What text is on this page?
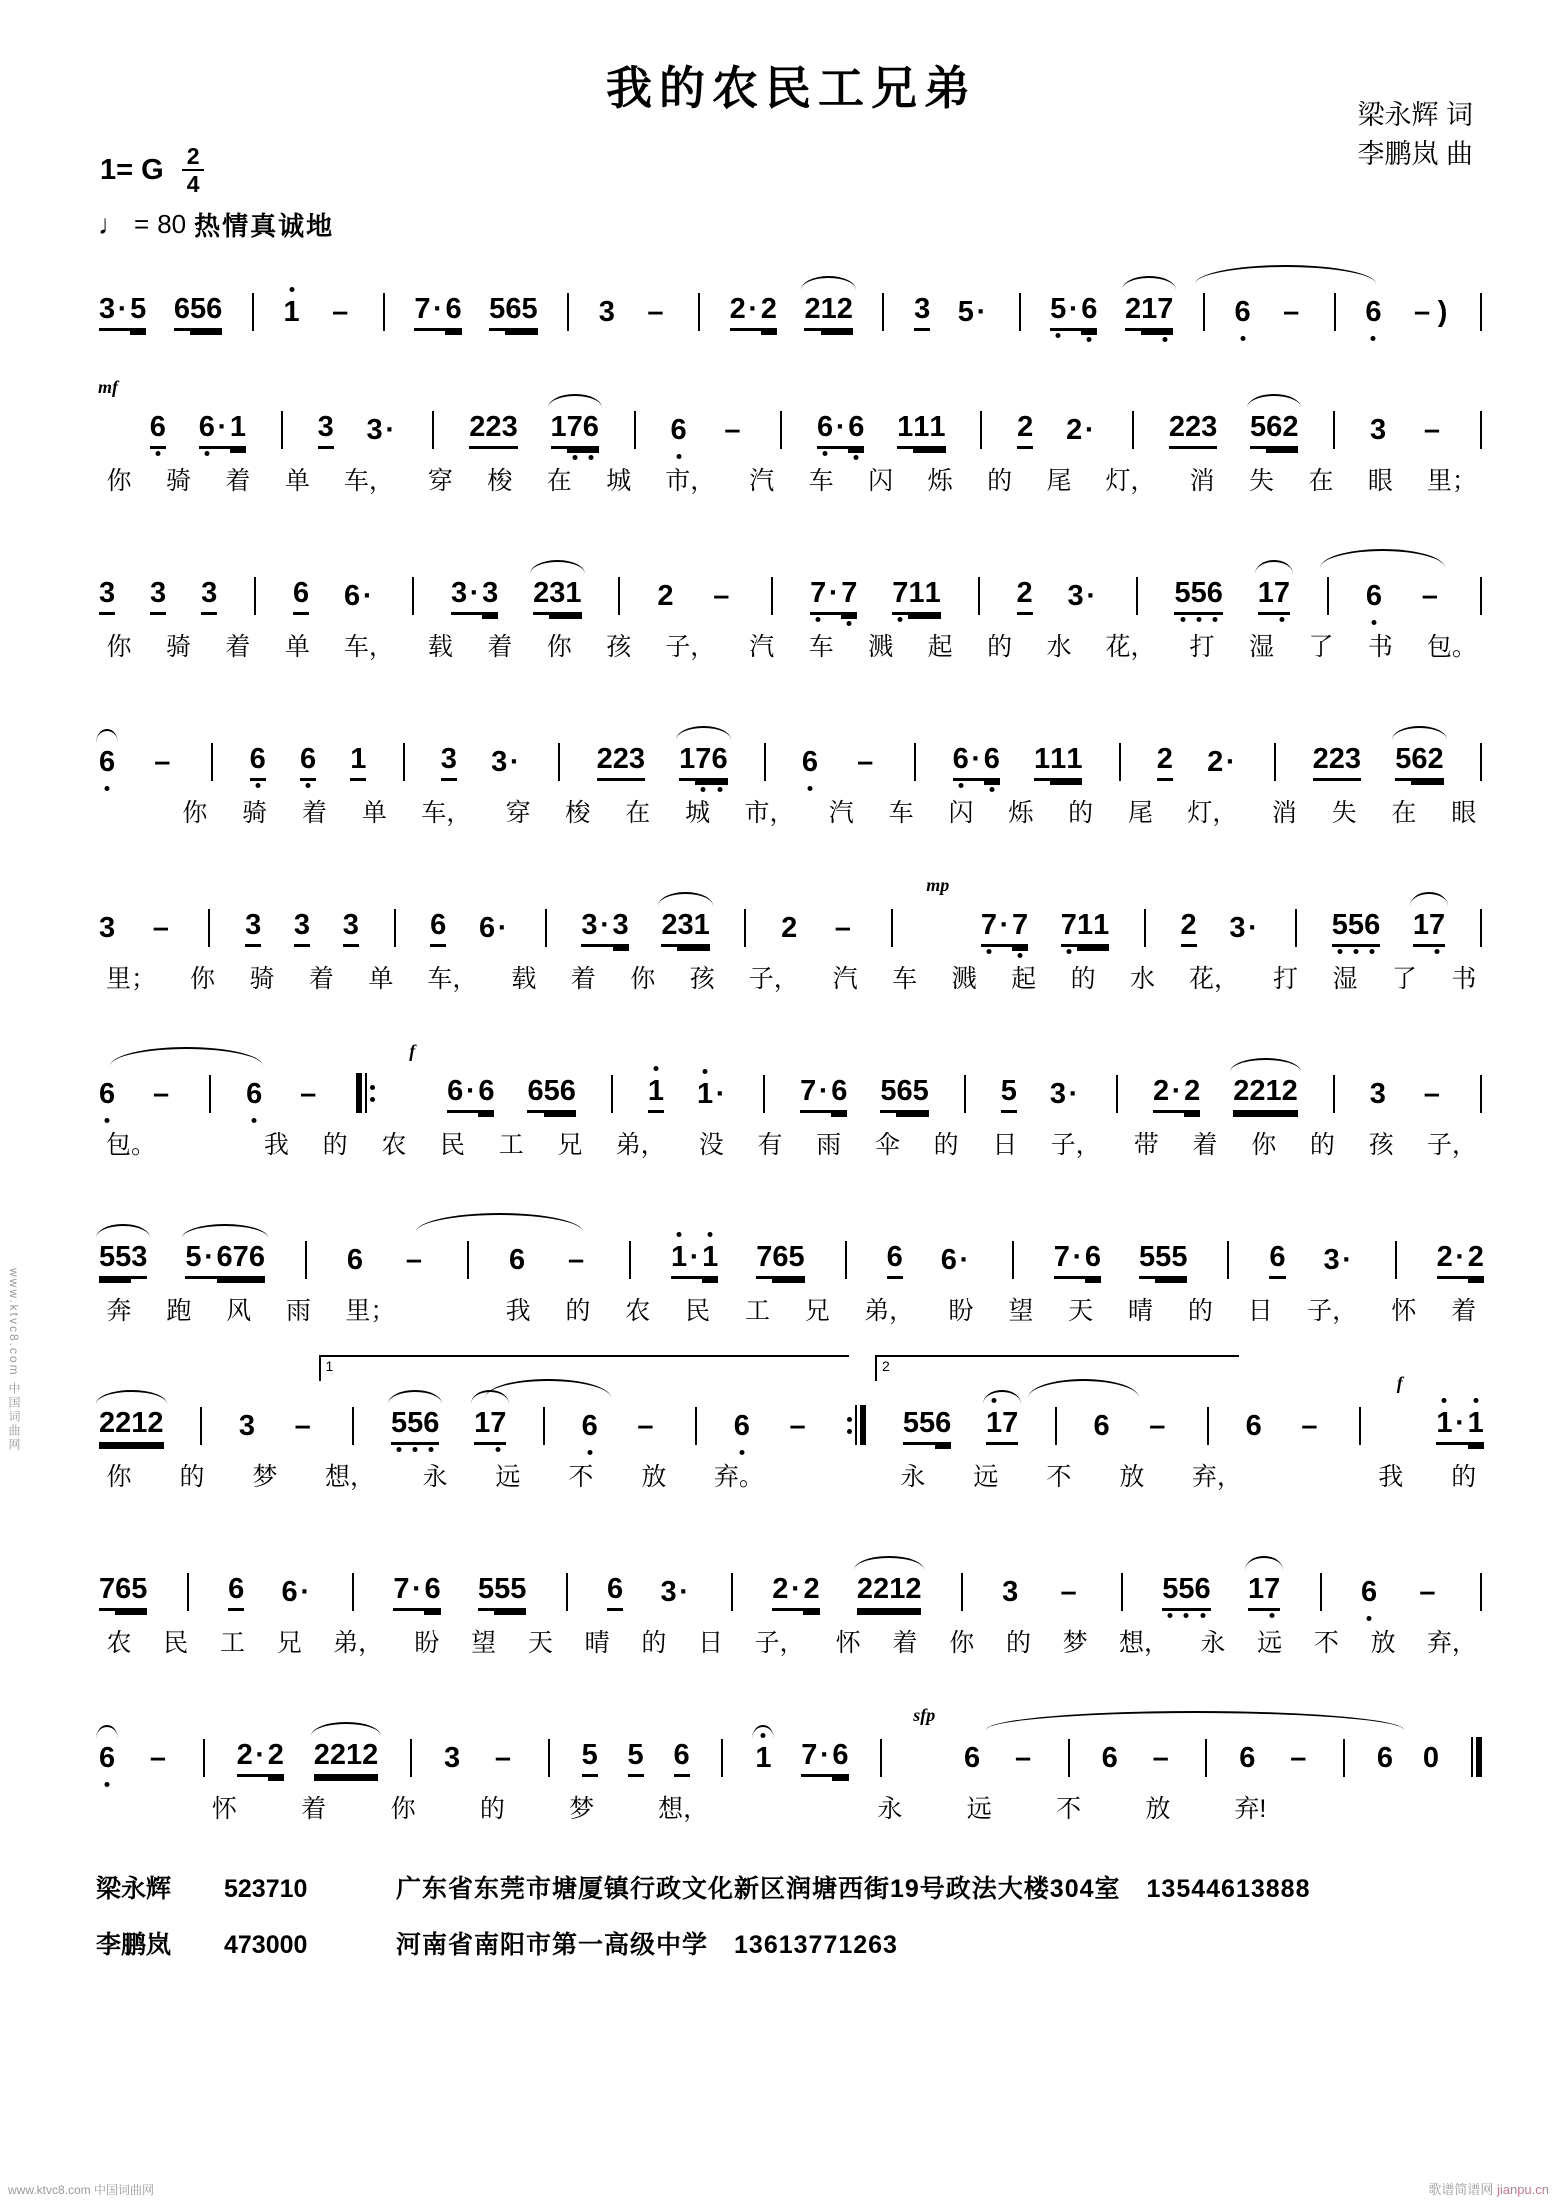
我的农民工兄弟
梁永辉 词
李鹏岚 曲
1= G $\frac{2}{4}$
♩ = 80 热情真诚地
3 · 5 6 5 6 1 – 7 · 6 5 6 5 3 – 2 · 2 2 1 2 3 5 · 5 · 6 2 1 7 6 – 6 – )
mf
6 6 · 1 3 3 ·	2 2 3 1 7 6 6 –	6 · 6 1 1 1 2 2 ·	2 2 3 5 6 2 3 –
你 骑 着 单 车， 穿 梭 在 城 市， 汽 车 闪 烁 的 尾 灯， 消 失 在 眼 里；
3 3 3	6 6 ·	3 · 3 2 3 1	2 –	7 · 7 7 1 1	2 3 ·	5 5 6 1 7	6 –
你 骑 着 单 车， 载 着 你 孩 子， 汽 车 溅 起 的 水 花， 打 湿 了 书 包。
6 –	6 6 1	3 3 ·	2 2 3 1 7 6	6 –	6 · 6 1 1 1	2 2 ·	2 2 3 5 6 2
你 骑 着 单 车， 穿 梭 在 城 市， 汽 车 闪 烁 的 尾 灯， 消 失 在 眼
3 –	3 3 3 6 6 ·	3 · 3 2 3 1 2 –
mp
7 · 7 7 1 1 2 3 ·	5 5 6 1 7
里； 你 骑 着 单 车， 载 着 你 孩 子， 汽 车 溅 起 的 水 花， 打 湿 了 书
6 –	6 –
f
6 · 6 6 5 6 1 1 ·	7 · 6 5 6 5 5 3 ·	2 · 2 2 2 1 2 3 –
包。	我 的 农 民 工 兄 弟， 没 有 雨 伞 的 日 子， 带 着 你 的 孩 子，
5 5 3 5 · 6 7 6	6 –	6 –	1 · 1 7 6 5	6 6 ·	7 · 6 5 5 5	6 3 ·	2 · 2
奔 跑 风 雨 里；	我 的 农 民 工 兄 弟， 盼 望 天 晴 的 日 子， 怀 着
1	2
2 2 1 2	3 –	5 5 6 1 7	6 –	6 –	5 5 6 1 7	6 –	6 –
f
1 · 1
你 的 梦 想， 永 远 不 放 弃。	永 远 不 放 弃，	我 的
7 6 5	6 6 ·	7 · 6 5 5 5	6 3 ·	2 · 2 2 2 1 2	3 –	5 5 6 1 7	6 –
农 民 工 兄 弟， 盼 望 天 晴 的 日 子， 怀 着 你 的 梦 想， 永 远 不 放 弃，
6 – 2 · 2 2 2 1 2 3 – 5 5 6 1 7 · 6
sfp
6 – 6 – 6 – 6 0
怀	着	你	的	梦	想，	永	远	不	放	弃!
梁永辉	523710	广东省东莞市塘厦镇行政文化新区润塘西街19号政法大楼304室 13544613888
李鹏岚	473000	河南省南阳市第一高级中学 13613771263
www.ktvc8.com 中国词曲网
www.ktvc8.com 中国词曲网	歌谱简谱网 jianpu.cn
